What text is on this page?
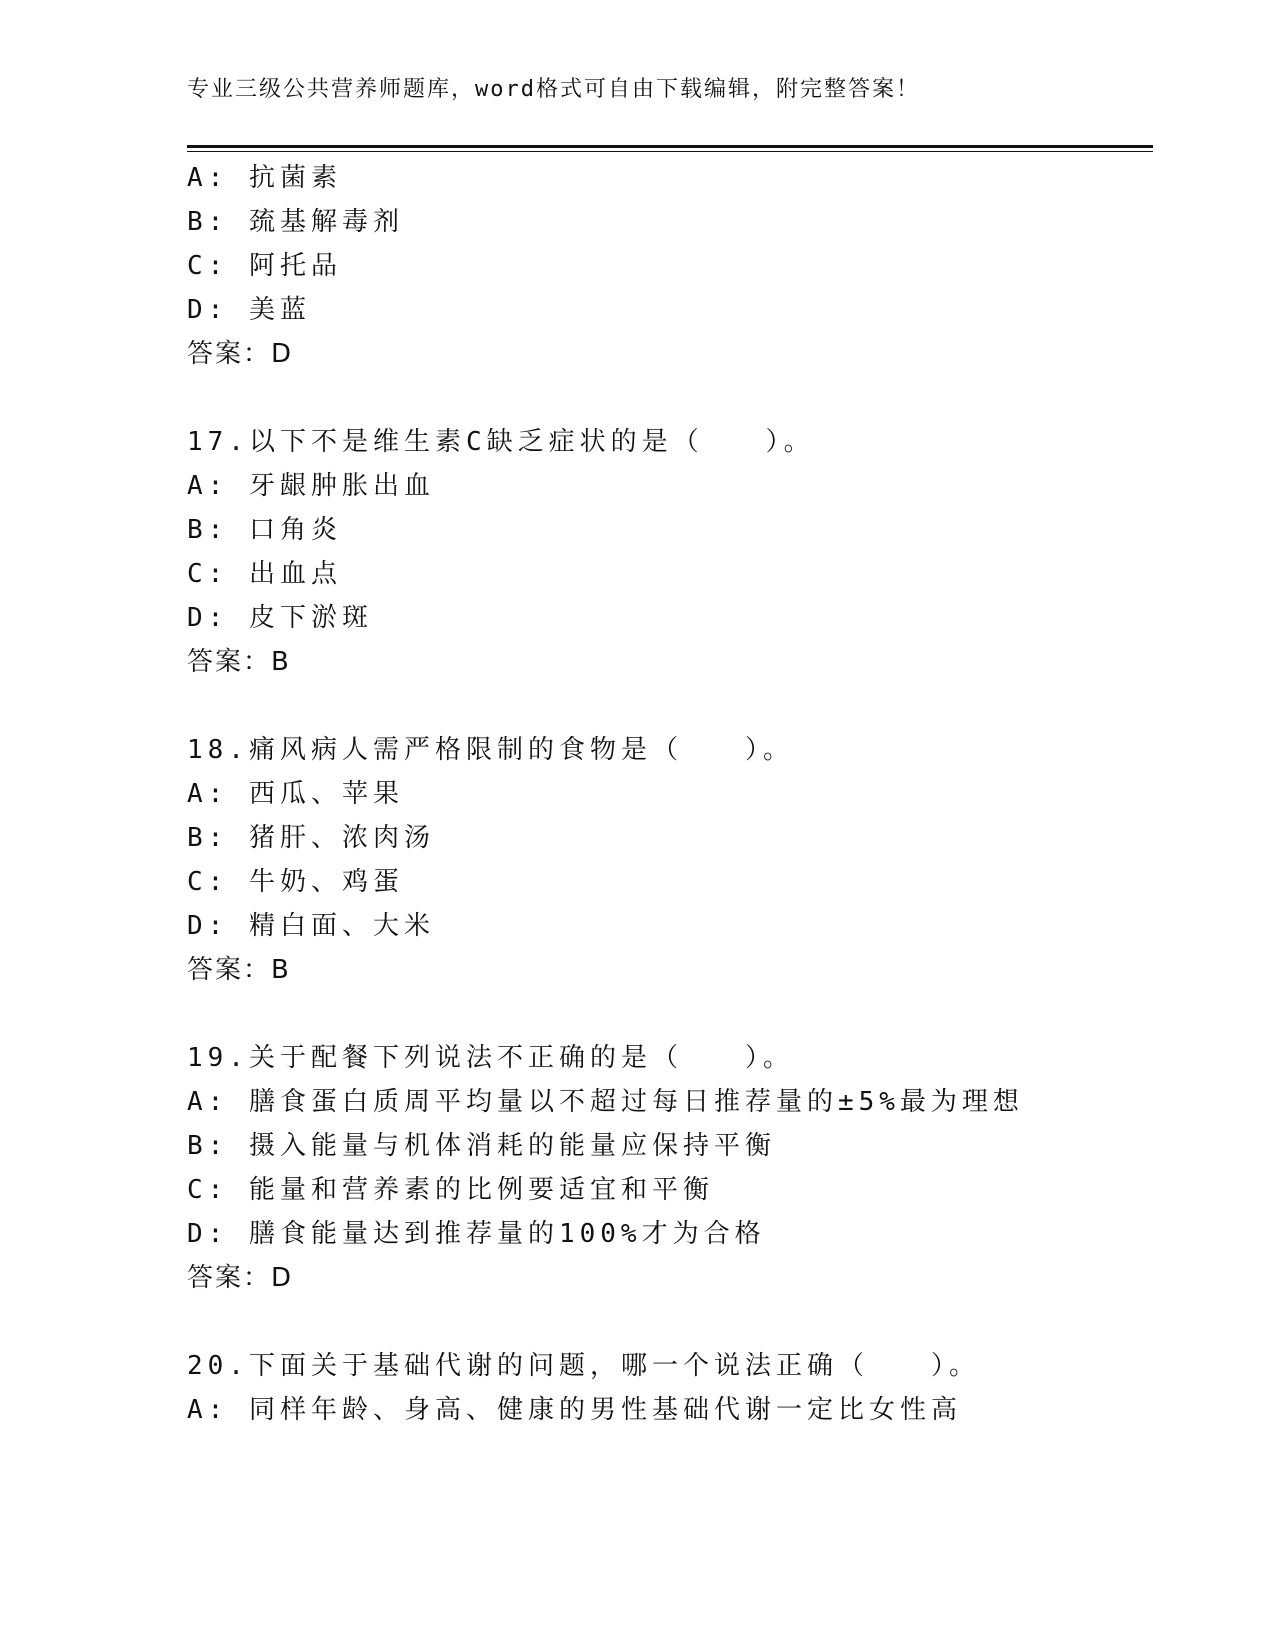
专业三级公共营养师题库，word格式可自由下载编辑，附完整答案！
A: 抗菌素
B: 巯基解毒剂
C: 阿托品
D: 美蓝
答案：D
17.以下不是维生素C缺乏症状的是（　　）。
A: 牙龈肿胀出血
B: 口角炎
C: 出血点
D: 皮下淤斑
答案：B
18.痛风病人需严格限制的食物是（　　）。
A: 西瓜、苹果
B: 猪肝、浓肉汤
C: 牛奶、鸡蛋
D: 精白面、大米
答案：B
19.关于配餐下列说法不正确的是（　　）。
A: 膳食蛋白质周平均量以不超过每日推荐量的±5%最为理想
B: 摄入能量与机体消耗的能量应保持平衡
C: 能量和营养素的比例要适宜和平衡
D: 膳食能量达到推荐量的100%才为合格
答案：D
20.下面关于基础代谢的问题，哪一个说法正确（　　）。
A: 同样年龄、身高、健康的男性基础代谢一定比女性高
